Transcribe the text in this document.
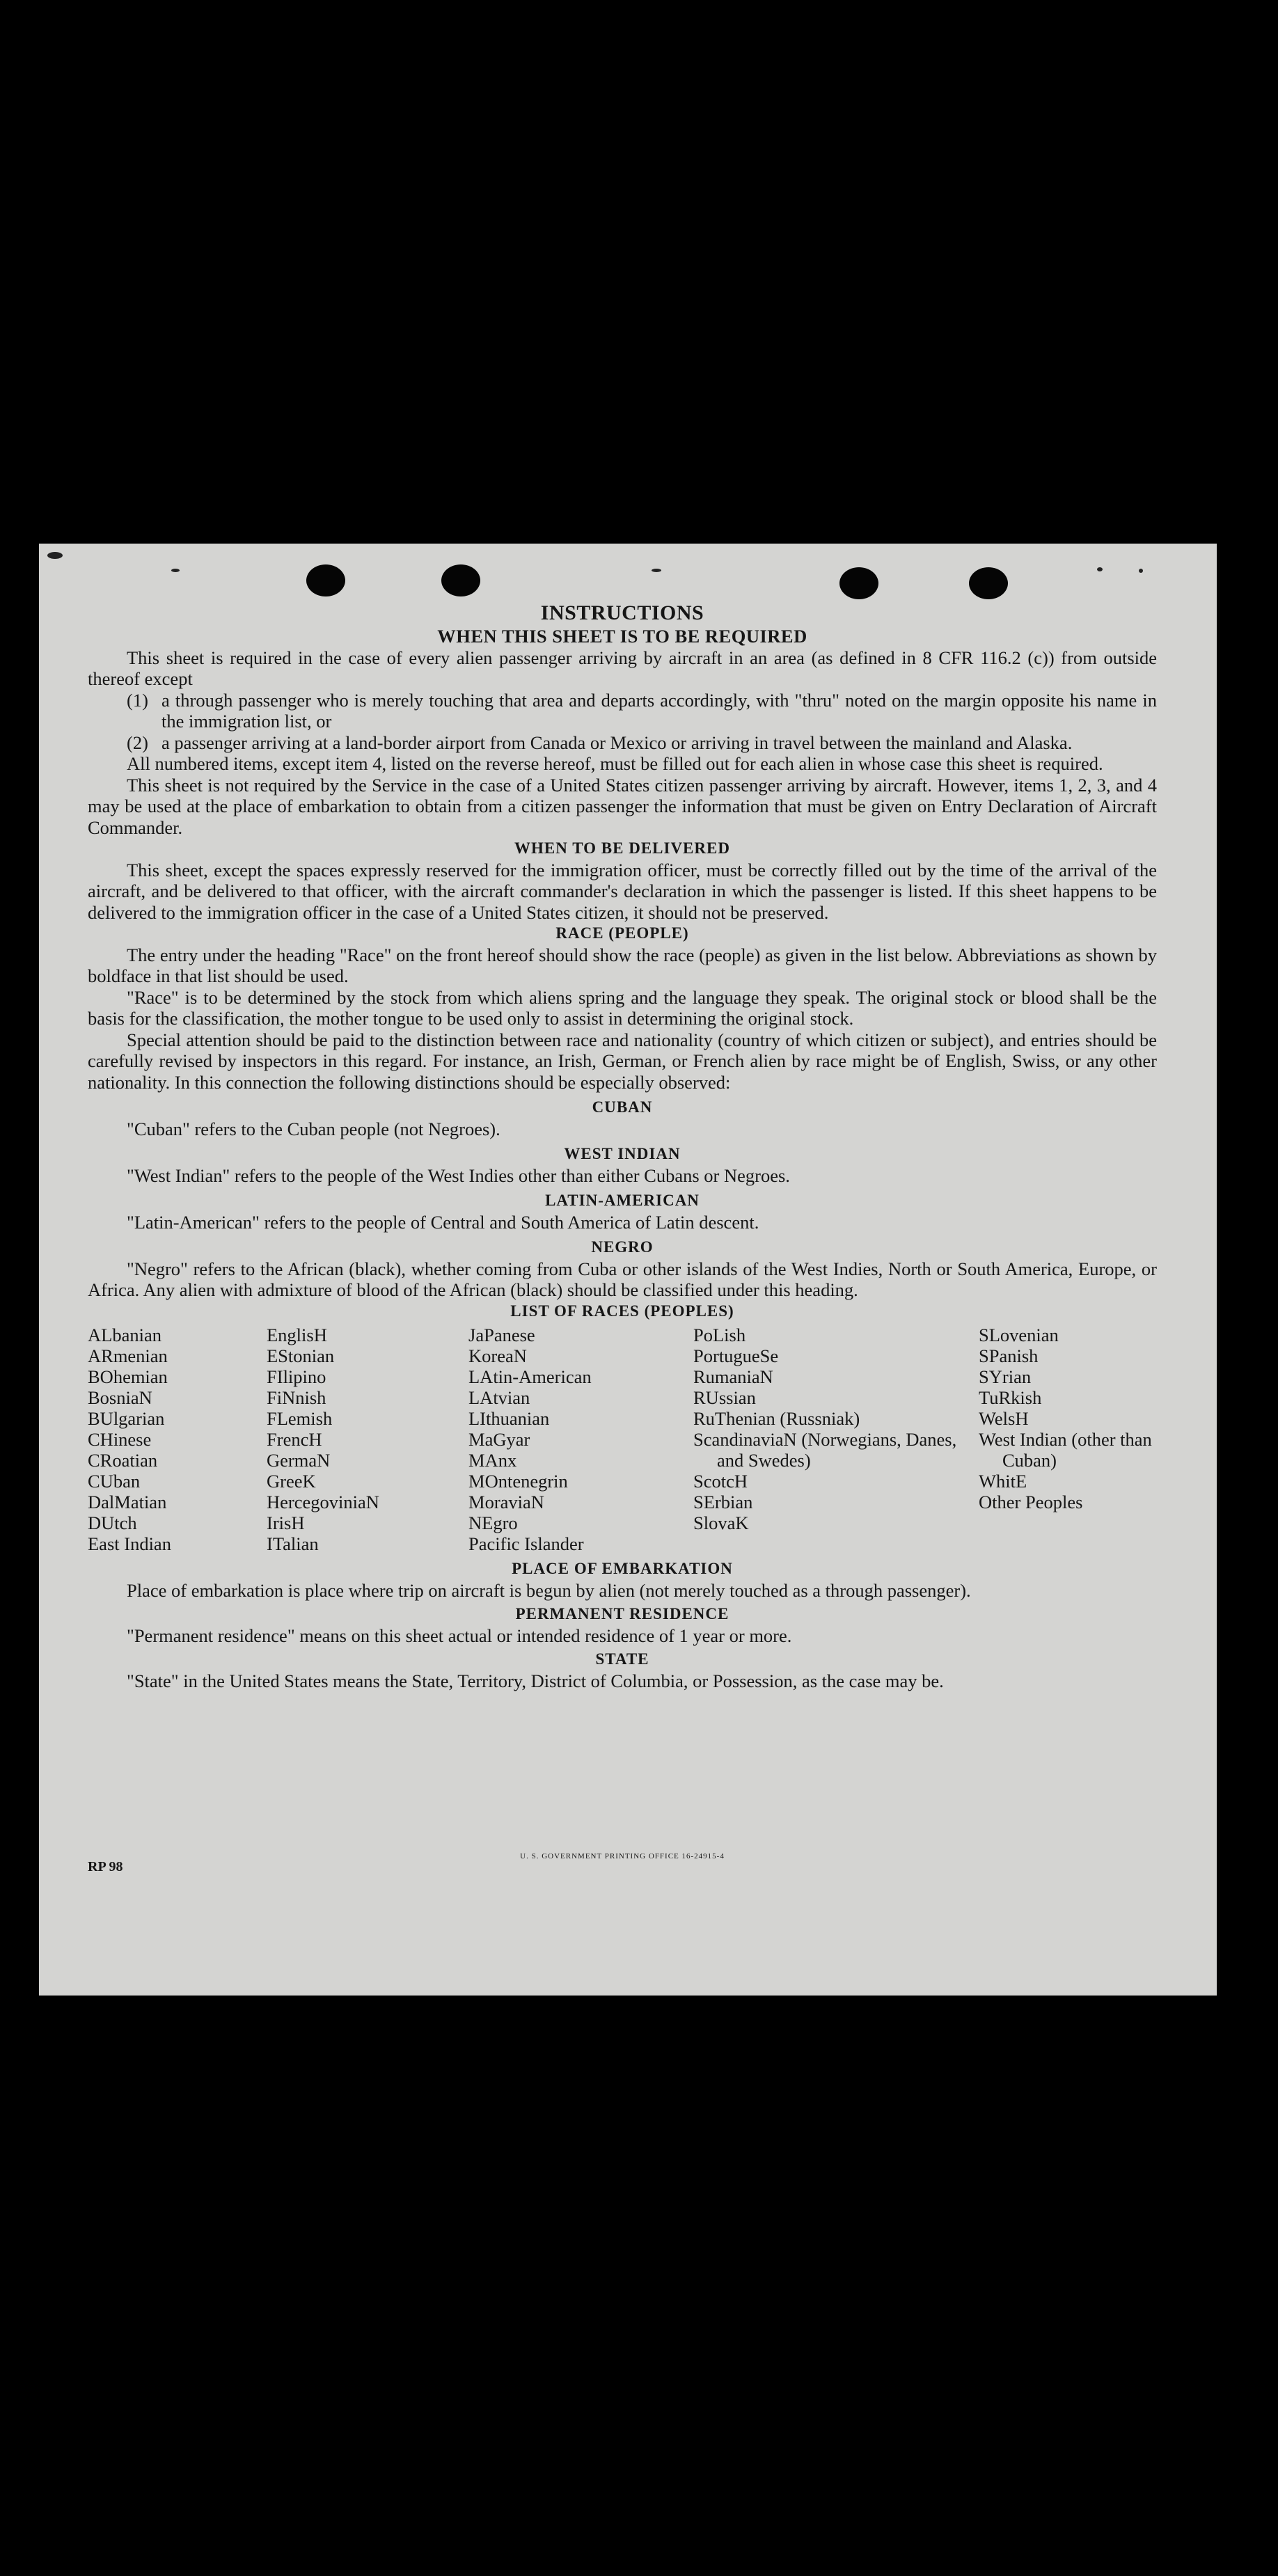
INSTRUCTIONS
WHEN THIS SHEET IS TO BE REQUIRED

This sheet is required in the case of every alien passenger arriving by aircraft in an area (as defined in 8 CFR 116.2 (c)) from outside thereof except

(1) a through passenger who is merely touching that area and departs accordingly, with "thru" noted on the margin opposite his name in the immigration list, or
(2) a passenger arriving at a land-border airport from Canada or Mexico or arriving in travel between the mainland and Alaska.

All numbered items, except item 4, listed on the reverse hereof, must be filled out for each alien in whose case this sheet is required.

This sheet is not required by the Service in the case of a United States citizen passenger arriving by aircraft. However, items 1, 2, 3, and 4 may be used at the place of embarkation to obtain from a citizen passenger the information that must be given on Entry Declaration of Aircraft Commander.

WHEN TO BE DELIVERED

This sheet, except the spaces expressly reserved for the immigration officer, must be correctly filled out by the time of the arrival of the aircraft, and be delivered to that officer, with the aircraft commander's declaration in which the passenger is listed. If this sheet happens to be delivered to the immigration officer in the case of a United States citizen, it should not be preserved.

RACE (PEOPLE)

The entry under the heading "Race" on the front hereof should show the race (people) as given in the list below. Abbreviations as shown by boldface in that list should be used.

"Race" is to be determined by the stock from which aliens spring and the language they speak. The original stock or blood shall be the basis for the classification, the mother tongue to be used only to assist in determining the original stock.

Special attention should be paid to the distinction between race and nationality (country of which citizen or subject), and entries should be carefully revised by inspectors in this regard. For instance, an Irish, German, or French alien by race might be of English, Swiss, or any other nationality. In this connection the following distinctions should be especially observed:

CUBAN

"Cuban" refers to the Cuban people (not Negroes).

WEST INDIAN

"West Indian" refers to the people of the West Indies other than either Cubans or Negroes.

LATIN-AMERICAN

"Latin-American" refers to the people of Central and South America of Latin descent.

NEGRO

"Negro" refers to the African (black), whether coming from Cuba or other islands of the West Indies, North or South America, Europe, or Africa. Any alien with admixture of blood of the African (black) should be classified under this heading.

LIST OF RACES (PEOPLES)
ALbanian
ARmenian
BOhemian
BosniaN
BUlgarian
CHinese
CRoatian
CUban
DalMatian
DUtch
East Indian
EnglisH
EStonian
FIlipino
FiNnish
FLemish
FrencH
GermaN
GreeK
HercegoviniaN
IrisH
ITalian
JaPanese
KoreaN
LAtin-American
LAtvian
LIthuanian
MaGyar
MAnx
MOntenegrin
MoraviaN
NEgro
Pacific Islander
PoLish
PortugueSe
RumaniaN
RUssian
RuThenian (Russniak)
ScandinaviaN (Norwegians, Danes, and Swedes)
ScotcH
SErbian
SlovaK
SLovenian
SPanish
SYrian
TuRkish
WelsH
West Indian (other than Cuban)
WhitE
Other Peoples
PLACE OF EMBARKATION

Place of embarkation is place where trip on aircraft is begun by alien (not merely touched as a through passenger).

PERMANENT RESIDENCE

"Permanent residence" means on this sheet actual or intended residence of 1 year or more.

STATE

"State" in the United States means the State, Territory, District of Columbia, or Possession, as the case may be.

RP 98
U. S. GOVERNMENT PRINTING OFFICE 16-24915-4
